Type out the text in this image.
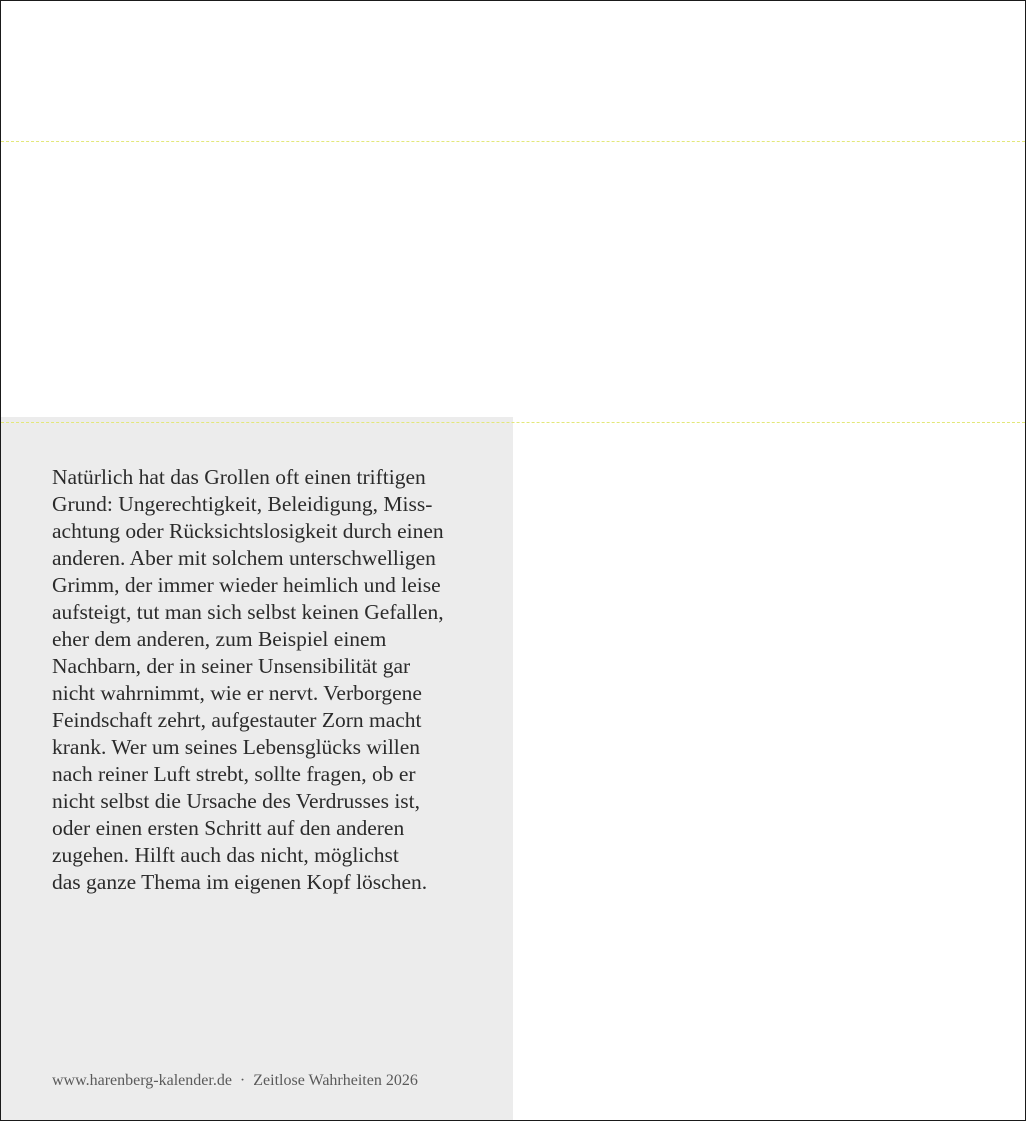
Natürlich hat das Grollen oft einen triftigen
Grund: Ungerechtigkeit, Beleidigung, Miss-
achtung oder Rücksichtslosigkeit durch einen
anderen. Aber mit solchem unterschwelligen
Grimm, der immer wieder heimlich und leise
aufsteigt, tut man sich selbst keinen Gefallen,
eher dem anderen, zum Beispiel einem
Nachbarn, der in seiner Unsensibilität gar
nicht wahrnimmt, wie er nervt. Verborgene
Feindschaft zehrt, aufgestauter Zorn macht
krank. Wer um seines Lebensglücks willen
nach reiner Luft strebt, sollte fragen, ob er
nicht selbst die Ursache des Verdrusses ist,
oder einen ersten Schritt auf den anderen
zugehen. Hilft auch das nicht, möglichst
das ganze Thema im eigenen Kopf löschen.

www.harenberg-kalender.de · Zeitlose Wahrheiten 2026
